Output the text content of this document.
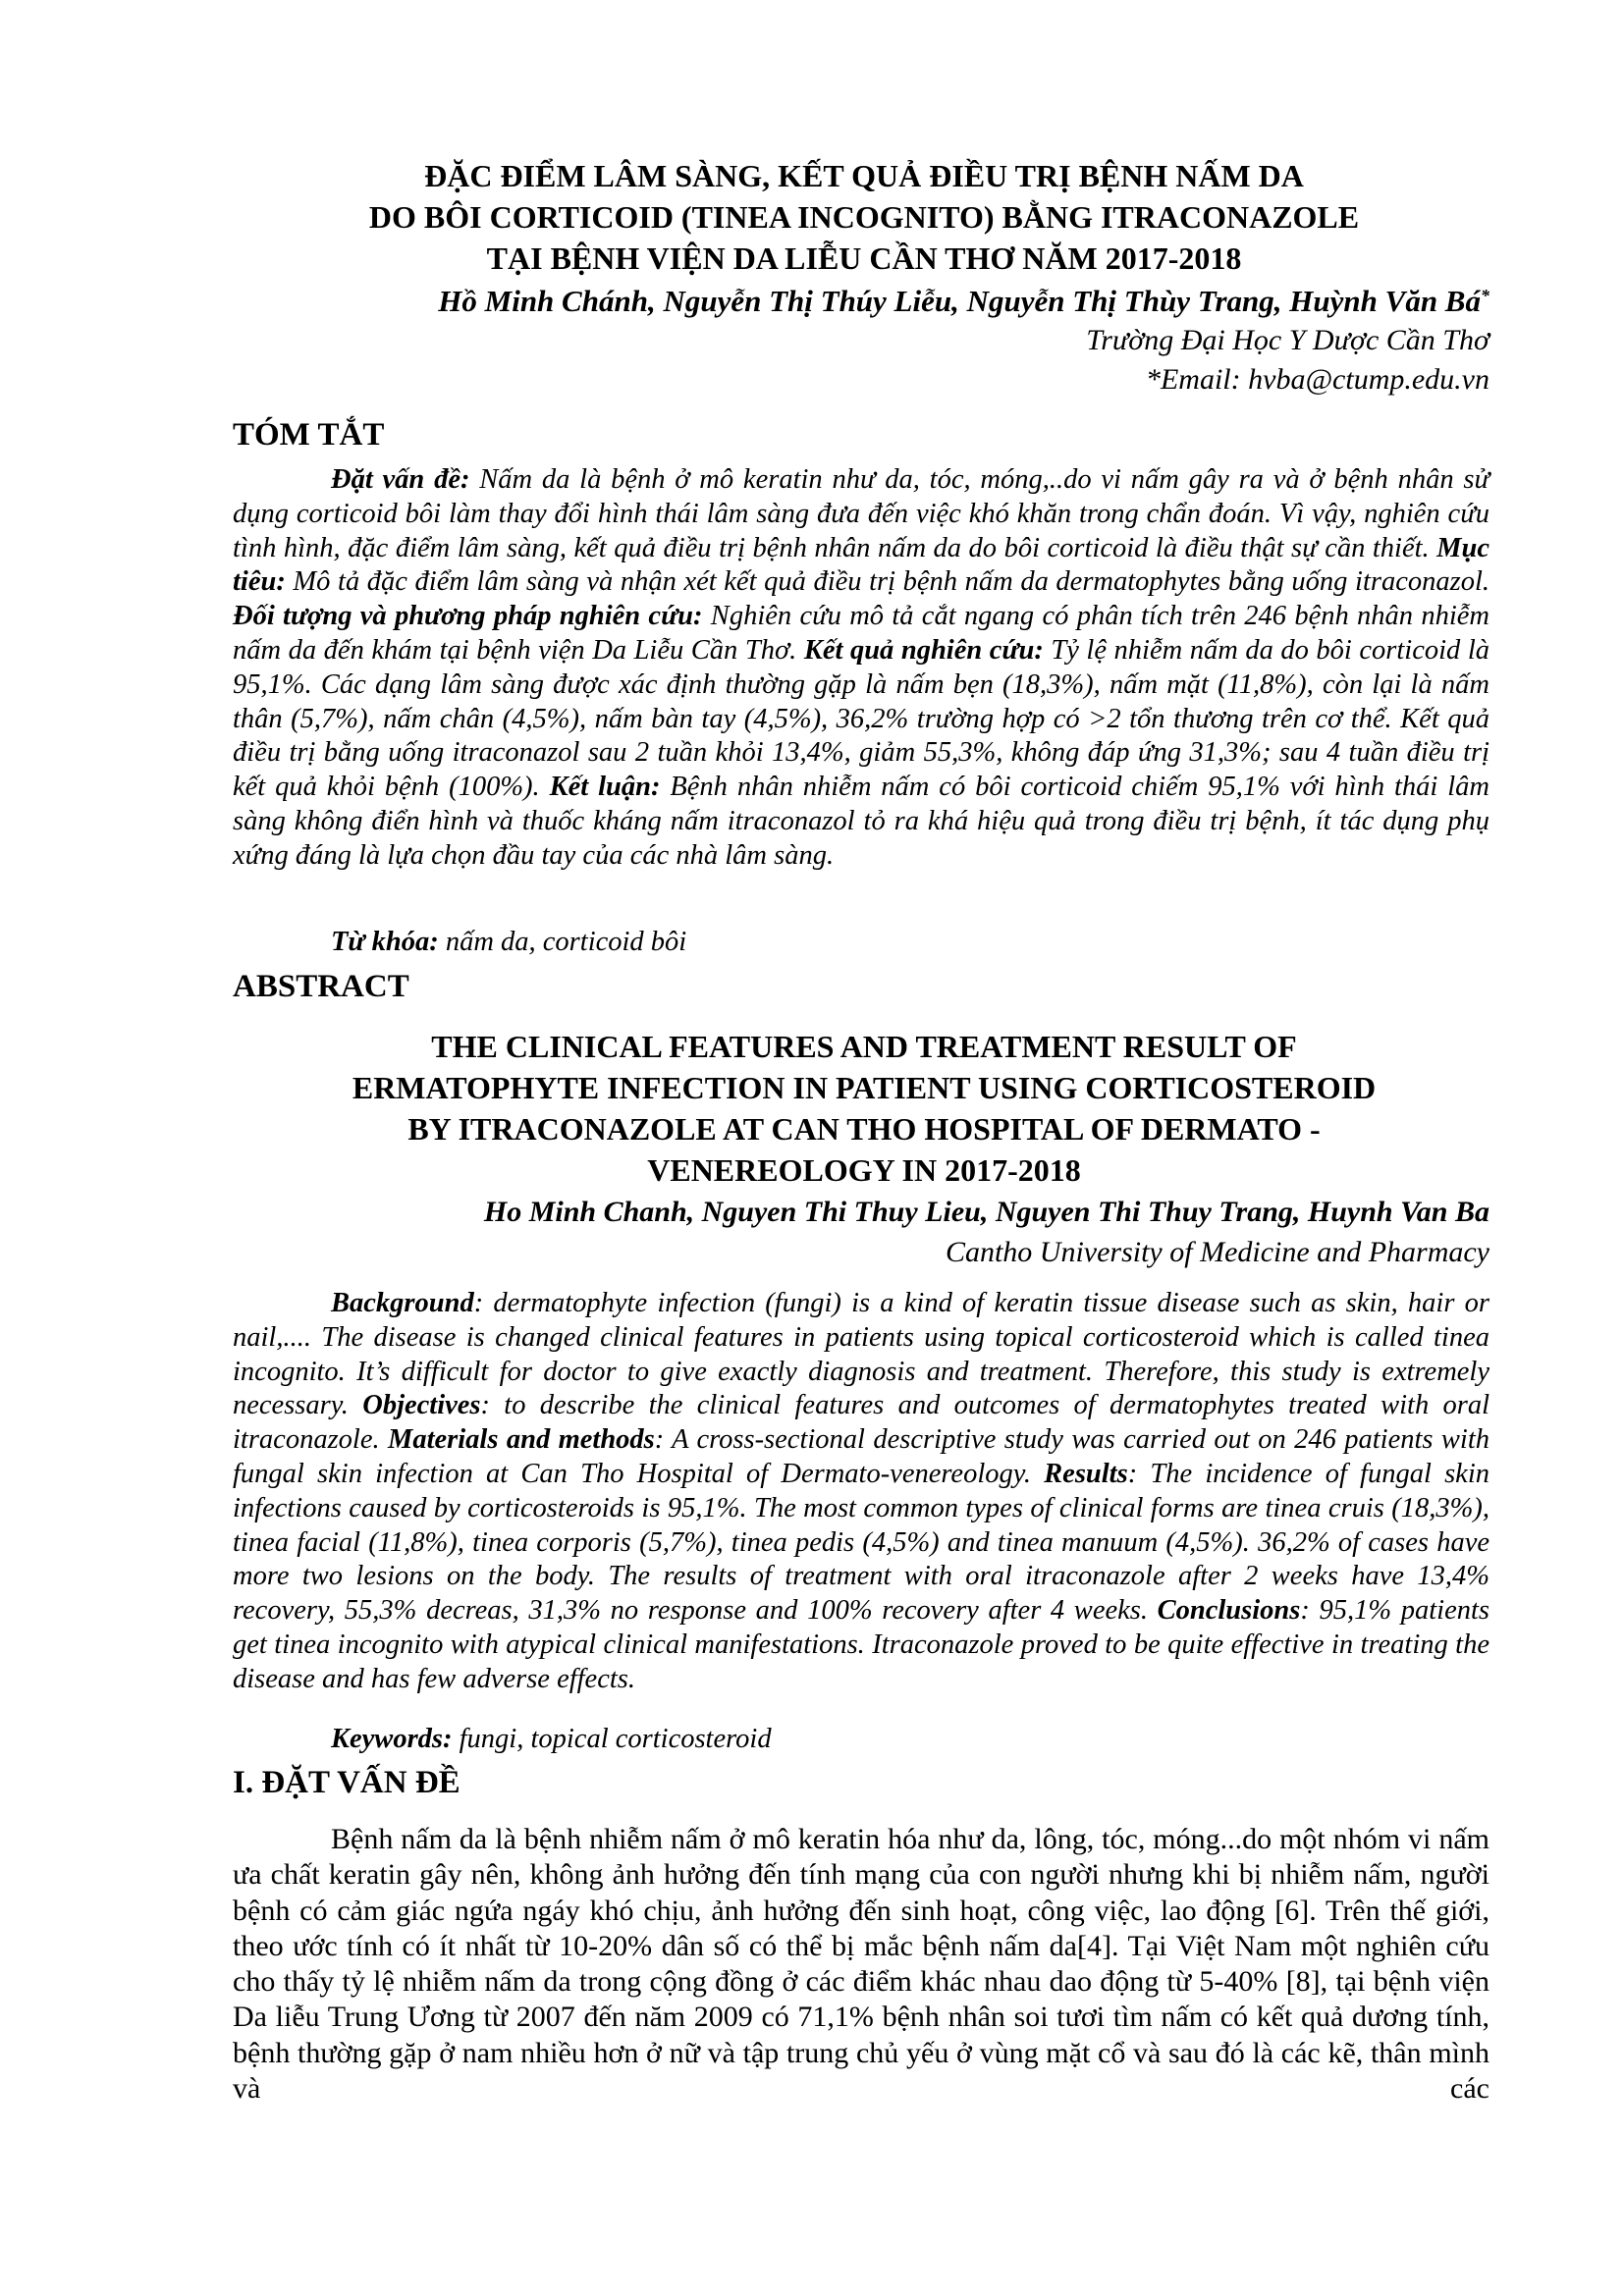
ĐẶC ĐIỂM LÂM SÀNG, KẾT QUẢ ĐIỀU TRỊ BỆNH NẤM DA
DO BÔI CORTICOID (TINEA INCOGNITO) BẰNG ITRACONAZOLE
TẠI BỆNH VIỆN DA LIỄU CẦN THƠ NĂM 2017-2018
Hồ Minh Chánh, Nguyễn Thị Thúy Liễu, Nguyễn Thị Thùy Trang, Huỳnh Văn Bá*
Trường Đại Học Y Dược Cần Thơ
*Email: hvba@ctump.edu.vn
TÓM TẮT
Đặt vấn đề: Nấm da là bệnh ở mô keratin như da, tóc, móng,..do vi nấm gây ra và ở bệnh nhân sử dụng corticoid bôi làm thay đổi hình thái lâm sàng đưa đến việc khó khăn trong chẩn đoán. Vì vậy, nghiên cứu tình hình, đặc điểm lâm sàng, kết quả điều trị bệnh nhân nấm da do bôi corticoid là điều thật sự cần thiết. Mục tiêu: Mô tả đặc điểm lâm sàng và nhận xét kết quả điều trị bệnh nấm da dermatophytes bằng uống itraconazol. Đối tượng và phương pháp nghiên cứu: Nghiên cứu mô tả cắt ngang có phân tích trên 246 bệnh nhân nhiễm nấm da đến khám tại bệnh viện Da Liễu Cần Thơ. Kết quả nghiên cứu: Tỷ lệ nhiễm nấm da do bôi corticoid là 95,1%. Các dạng lâm sàng được xác định thường gặp là nấm bẹn (18,3%), nấm mặt (11,8%), còn lại là nấm thân (5,7%), nấm chân (4,5%), nấm bàn tay (4,5%), 36,2% trường hợp có >2 tổn thương trên cơ thể. Kết quả điều trị bằng uống itraconazol sau 2 tuần khỏi 13,4%, giảm 55,3%, không đáp ứng 31,3%; sau 4 tuần điều trị kết quả khỏi bệnh (100%). Kết luận: Bệnh nhân nhiễm nấm có bôi corticoid chiếm 95,1% với hình thái lâm sàng không điển hình và thuốc kháng nấm itraconazol tỏ ra khá hiệu quả trong điều trị bệnh, ít tác dụng phụ xứng đáng là lựa chọn đầu tay của các nhà lâm sàng.
Từ khóa: nấm da, corticoid bôi
ABSTRACT
THE CLINICAL FEATURES AND TREATMENT RESULT OF
ERMATOPHYTE INFECTION IN PATIENT USING CORTICOSTEROID
BY ITRACONAZOLE AT CAN THO HOSPITAL OF DERMATO -
VENEREOLOGY IN 2017-2018
Ho Minh Chanh, Nguyen Thi Thuy Lieu, Nguyen Thi Thuy Trang, Huynh Van Ba
Cantho University of Medicine and Pharmacy
Background: dermatophyte infection (fungi) is a kind of keratin tissue disease such as skin, hair or nail,.... The disease is changed clinical features in patients using topical corticosteroid which is called tinea incognito. It’s difficult for doctor to give exactly diagnosis and treatment. Therefore, this study is extremely necessary. Objectives: to describe the clinical features and outcomes of dermatophytes treated with oral itraconazole. Materials and methods: A cross-sectional descriptive study was carried out on 246 patients with fungal skin infection at Can Tho Hospital of Dermato-venereology. Results: The incidence of fungal skin infections caused by corticosteroids is 95,1%. The most common types of clinical forms are tinea cruis (18,3%), tinea facial (11,8%), tinea corporis (5,7%), tinea pedis (4,5%) and tinea manuum (4,5%). 36,2% of cases have more two lesions on the body. The results of treatment with oral itraconazole after 2 weeks have 13,4% recovery, 55,3% decreas, 31,3% no response and 100% recovery after 4 weeks. Conclusions: 95,1% patients get tinea incognito with atypical clinical manifestations. Itraconazole proved to be quite effective in treating the disease and has few adverse effects.
Keywords: fungi, topical corticosteroid
I. ĐẶT VẤN ĐỀ
Bệnh nấm da là bệnh nhiễm nấm ở mô keratin hóa như da, lông, tóc, móng...do một nhóm vi nấm ưa chất keratin gây nên, không ảnh hưởng đến tính mạng của con người nhưng khi bị nhiễm nấm, người bệnh có cảm giác ngứa ngáy khó chịu, ảnh hưởng đến sinh hoạt, công việc, lao động [6]. Trên thế giới, theo ước tính có ít nhất từ 10-20% dân số có thể bị mắc bệnh nấm da[4]. Tại Việt Nam một nghiên cứu cho thấy tỷ lệ nhiễm nấm da trong cộng đồng ở các điểm khác nhau dao động từ 5-40% [8], tại bệnh viện Da liễu Trung Ương từ 2007 đến năm 2009 có 71,1% bệnh nhân soi tươi tìm nấm có kết quả dương tính, bệnh thường gặp ở nam nhiều hơn ở nữ và tập trung chủ yếu ở vùng mặt cổ và sau đó là các kẽ, thân mình và các
